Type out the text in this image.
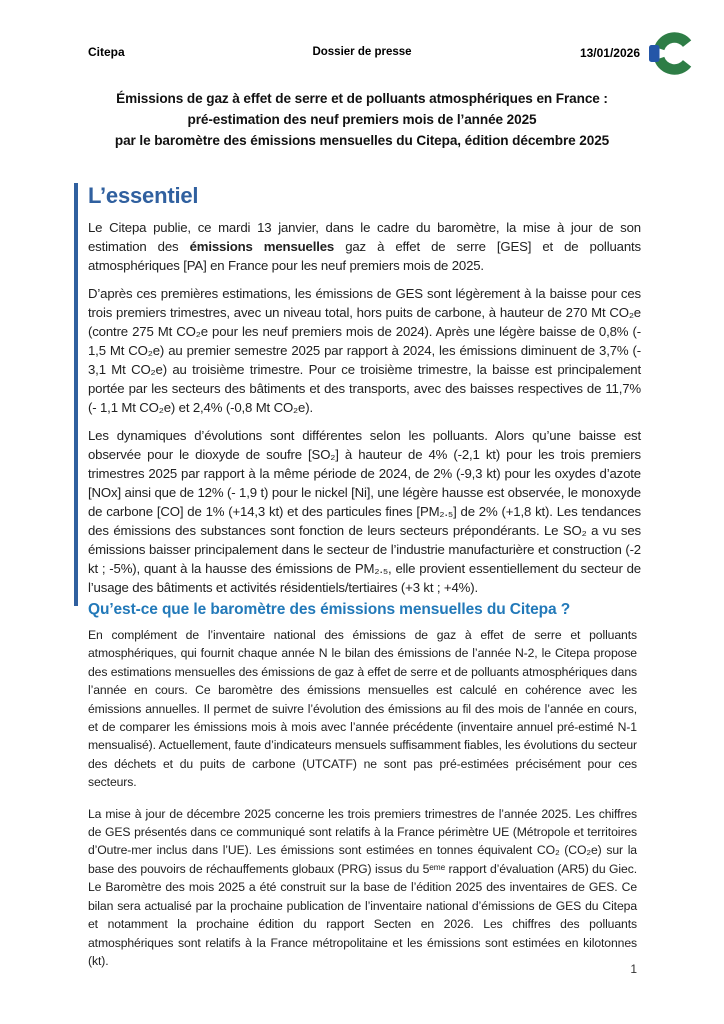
Citepa	Dossier de presse	13/01/2026
Émissions de gaz à effet de serre et de polluants atmosphériques en France :
pré-estimation des neuf premiers mois de l’année 2025
par le baromètre des émissions mensuelles du Citepa, édition décembre 2025
L’essentiel

Le Citepa publie, ce mardi 13 janvier, dans le cadre du baromètre, la mise à jour de son estimation des émissions mensuelles gaz à effet de serre [GES] et de polluants atmosphériques [PA] en France pour les neuf premiers mois de 2025.

D’après ces premières estimations, les émissions de GES sont légèrement à la baisse pour ces trois premiers trimestres, avec un niveau total, hors puits de carbone, à hauteur de 270 Mt CO₂e (contre 275 Mt CO₂e pour les neuf premiers mois de 2024). Après une légère baisse de 0,8% (- 1,5 Mt CO₂e) au premier semestre 2025 par rapport à 2024, les émissions diminuent de 3,7% (- 3,1 Mt CO₂e) au troisième trimestre. Pour ce troisième trimestre, la baisse est principalement portée par les secteurs des bâtiments et des transports, avec des baisses respectives de 11,7% (- 1,1 Mt CO₂e) et 2,4% (-0,8 Mt CO₂e).

Les dynamiques d’évolutions sont différentes selon les polluants. Alors qu’une baisse est observée pour le dioxyde de soufre [SO₂] à hauteur de 4% (-2,1 kt) pour les trois premiers trimestres 2025 par rapport à la même période de 2024, de 2% (-9,3 kt) pour les oxydes d’azote [NOx] ainsi que de 12% (- 1,9 t) pour le nickel [Ni], une légère hausse est observée, le monoxyde de carbone [CO] de 1% (+14,3 kt) et des particules fines [PM₂.₅] de 2% (+1,8 kt). Les tendances des émissions des substances sont fonction de leurs secteurs prépondérants. Le SO₂ a vu ses émissions baisser principalement dans le secteur de l’industrie manufacturière et construction (-2 kt ; -5%), quant à la hausse des émissions de PM₂.₅, elle provient essentiellement du secteur de l’usage des bâtiments et activités résidentiels/tertiaires (+3 kt ; +4%).

Qu’est-ce que le baromètre des émissions mensuelles du Citepa ?

En complément de l’inventaire national des émissions de gaz à effet de serre et polluants atmosphériques, qui fournit chaque année N le bilan des émissions de l’année N-2, le Citepa propose des estimations mensuelles des émissions de gaz à effet de serre et de polluants atmosphériques dans l’année en cours. Ce baromètre des émissions mensuelles est calculé en cohérence avec les émissions annuelles. Il permet de suivre l’évolution des émissions au fil des mois de l’année en cours, et de comparer les émissions mois à mois avec l’année précédente (inventaire annuel pré-estimé N-1 mensualisé). Actuellement, faute d’indicateurs mensuels suffisamment fiables, les évolutions du secteur des déchets et du puits de carbone (UTCATF) ne sont pas pré-estimées précisément pour ces secteurs.

La mise à jour de décembre 2025 concerne les trois premiers trimestres de l’année 2025. Les chiffres de GES présentés dans ce communiqué sont relatifs à la France périmètre UE (Métropole et territoires d’Outre-mer inclus dans l’UE). Les émissions sont estimées en tonnes équivalent CO₂ (CO₂e) sur la base des pouvoirs de réchauffements globaux (PRG) issus du 5ᵉᵐᵉ rapport d’évaluation (AR5) du Giec. Le Baromètre des mois 2025 a été construit sur la base de l’édition 2025 des inventaires de GES. Ce bilan sera actualisé par la prochaine publication de l’inventaire national d’émissions de GES du Citepa et notamment la prochaine édition du rapport Secten en 2026. Les chiffres des polluants atmosphériques sont relatifs à la France métropolitaine et les émissions sont estimées en kilotonnes (kt).

1
